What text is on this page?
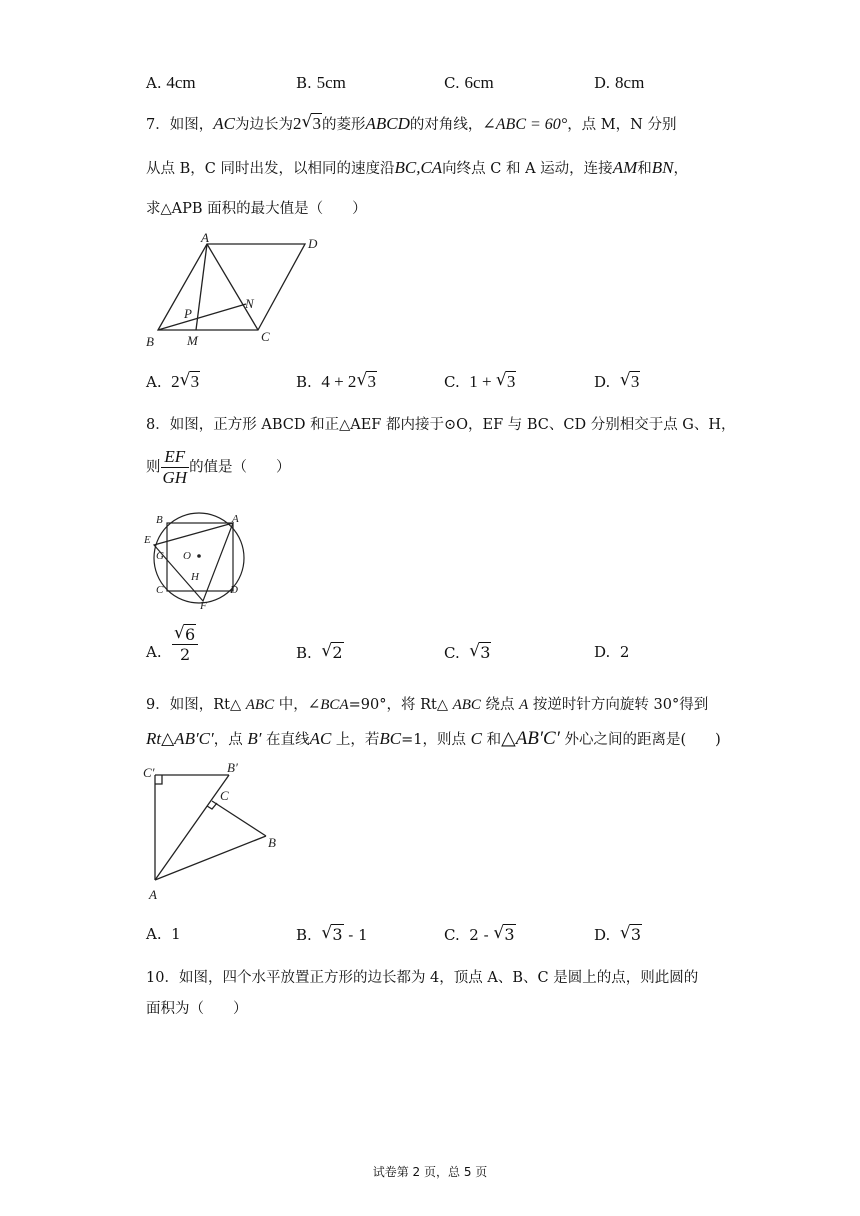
A. 4cm	B. 5cm	C. 6cm	D. 8cm
7．如图，AC为边长为2 √ 3的菱形ABCD的对角线，∠ABC = 60°，点 M，N 分别
从点 B，C 同时出发，以相同的速度沿BC,CA向终点 C 和 A 运动，连接AM和BN，
求△APB 面积的最大值是（　　）
A	D
B	M	C
N
P
A. 2 √ 3	B. 4 + 2 √ 3	C. 1 + √ 3	D. √ 3
8．如图，正方形 ABCD 和正△AEF 都内接于⊙O，EF 与 BC、CD 分别相交于点 G、H，
则 $\frac{EF}{GH}$ 的值是（　　）
B	A
E
G O
H
C	D
F
A. √ $\frac{6}{2}$	B. √ 2	C. √ 3	D. 2
9．如图，Rt△ ABC 中，∠BCA=90°，将 Rt△ ABC 绕点 A 按逆时针方向旋转 30°得到
Rt△AB′C′，点 B′ 在直线AC 上，若BC=1，则点 C 和△AB′C′ 外心之间的距离是(　　)
C′	B′
C
B
A
A. 1	B. √ 3 - 1	C. 2 - √ 3	D. √ 3
10．如图，四个水平放置正方形的边长都为 4，顶点 A、B、C 是圆上的点，则此圆的
面积为（　　）
试卷第 2 页，总 5 页
